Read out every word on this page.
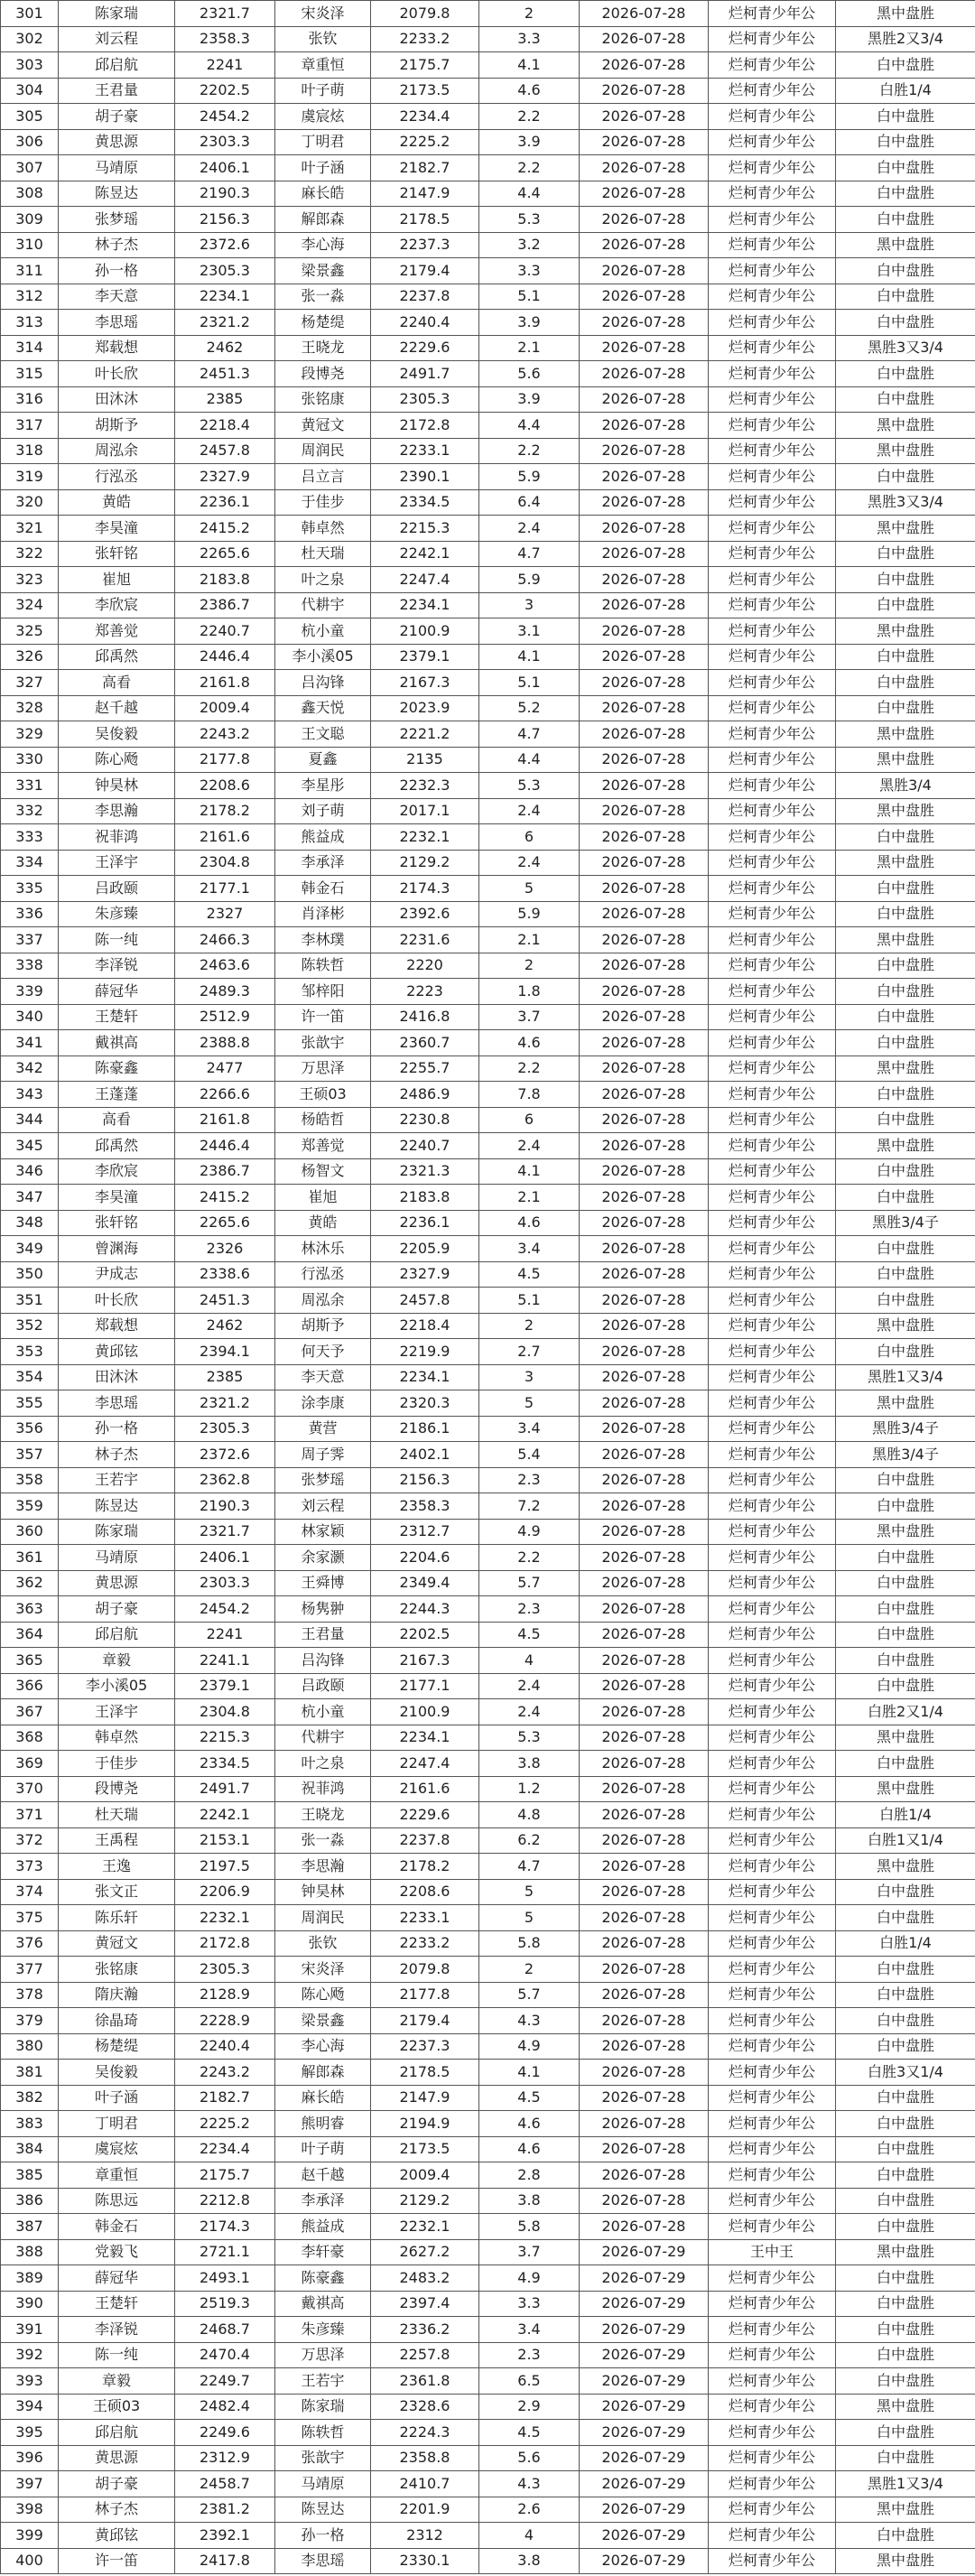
301	陈家瑞	2321.7	宋炎泽	2079.8	2	2026-07-28	烂柯青少年公	黑中盘胜
302	刘云程	2358.3	张钦	2233.2	3.3	2026-07-28	烂柯青少年公	黑胜2又3/4
303	邱启航	2241	章重恒	2175.7	4.1	2026-07-28	烂柯青少年公	白中盘胜
304	王君量	2202.5	叶子萌	2173.5	4.6	2026-07-28	烂柯青少年公	白胜1/4
305	胡子豪	2454.2	虞宸炫	2234.4	2.2	2026-07-28	烂柯青少年公	白中盘胜
306	黄思源	2303.3	丁明君	2225.2	3.9	2026-07-28	烂柯青少年公	白中盘胜
307	马靖原	2406.1	叶子涵	2182.7	2.2	2026-07-28	烂柯青少年公	白中盘胜
308	陈昱达	2190.3	麻长皓	2147.9	4.4	2026-07-28	烂柯青少年公	白中盘胜
309	张梦瑶	2156.3	解郎森	2178.5	5.3	2026-07-28	烂柯青少年公	白中盘胜
310	林子杰	2372.6	李心海	2237.3	3.2	2026-07-28	烂柯青少年公	黑中盘胜
311	孙一格	2305.3	梁景鑫	2179.4	3.3	2026-07-28	烂柯青少年公	白中盘胜
312	李天意	2234.1	张一淼	2237.8	5.1	2026-07-28	烂柯青少年公	白中盘胜
313	李思瑶	2321.2	杨楚缇	2240.4	3.9	2026-07-28	烂柯青少年公	白中盘胜
314	郑载想	2462	王晓龙	2229.6	2.1	2026-07-28	烂柯青少年公	黑胜3又3/4
315	叶长欣	2451.3	段博尧	2491.7	5.6	2026-07-28	烂柯青少年公	白中盘胜
316	田沐沐	2385	张铭康	2305.3	3.9	2026-07-28	烂柯青少年公	白中盘胜
317	胡斯予	2218.4	黄冠文	2172.8	4.4	2026-07-28	烂柯青少年公	黑中盘胜
318	周泓余	2457.8	周润民	2233.1	2.2	2026-07-28	烂柯青少年公	黑中盘胜
319	行泓丞	2327.9	吕立言	2390.1	5.9	2026-07-28	烂柯青少年公	白中盘胜
320	黄皓	2236.1	于佳步	2334.5	6.4	2026-07-28	烂柯青少年公	黑胜3又3/4
321	李昊潼	2415.2	韩卓然	2215.3	2.4	2026-07-28	烂柯青少年公	黑中盘胜
322	张轩铭	2265.6	杜天瑞	2242.1	4.7	2026-07-28	烂柯青少年公	白中盘胜
323	崔旭	2183.8	叶之泉	2247.4	5.9	2026-07-28	烂柯青少年公	白中盘胜
324	李欣宸	2386.7	代耕宇	2234.1	3	2026-07-28	烂柯青少年公	白中盘胜
325	郑善觉	2240.7	杭小童	2100.9	3.1	2026-07-28	烂柯青少年公	黑中盘胜
326	邱禹然	2446.4	李小溪05	2379.1	4.1	2026-07-28	烂柯青少年公	白中盘胜
327	高看	2161.8	吕沟锋	2167.3	5.1	2026-07-28	烂柯青少年公	白中盘胜
328	赵千越	2009.4	鑫天悦	2023.9	5.2	2026-07-28	烂柯青少年公	白中盘胜
329	吴俊毅	2243.2	王文聪	2221.2	4.7	2026-07-28	烂柯青少年公	黑中盘胜
330	陈心飏	2177.8	夏鑫	2135	4.4	2026-07-28	烂柯青少年公	黑中盘胜
331	钟昊林	2208.6	李星彤	2232.3	5.3	2026-07-28	烂柯青少年公	黑胜3/4
332	李思瀚	2178.2	刘子萌	2017.1	2.4	2026-07-28	烂柯青少年公	黑中盘胜
333	祝菲鸿	2161.6	熊益成	2232.1	6	2026-07-28	烂柯青少年公	白中盘胜
334	王泽宇	2304.8	李承泽	2129.2	2.4	2026-07-28	烂柯青少年公	黑中盘胜
335	吕政颐	2177.1	韩金石	2174.3	5	2026-07-28	烂柯青少年公	白中盘胜
336	朱彦臻	2327	肖泽彬	2392.6	5.9	2026-07-28	烂柯青少年公	白中盘胜
337	陈一纯	2466.3	李林璞	2231.6	2.1	2026-07-28	烂柯青少年公	黑中盘胜
338	李泽锐	2463.6	陈轶哲	2220	2	2026-07-28	烂柯青少年公	白中盘胜
339	薛冠华	2489.3	邹梓阳	2223	1.8	2026-07-28	烂柯青少年公	白中盘胜
340	王楚轩	2512.9	许一笛	2416.8	3.7	2026-07-28	烂柯青少年公	白中盘胜
341	戴祺高	2388.8	张歆宇	2360.7	4.6	2026-07-28	烂柯青少年公	白中盘胜
342	陈豪鑫	2477	万思泽	2255.7	2.2	2026-07-28	烂柯青少年公	黑中盘胜
343	王蓬蓬	2266.6	王硕03	2486.9	7.8	2026-07-28	烂柯青少年公	白中盘胜
344	高看	2161.8	杨皓哲	2230.8	6	2026-07-28	烂柯青少年公	白中盘胜
345	邱禹然	2446.4	郑善觉	2240.7	2.4	2026-07-28	烂柯青少年公	黑中盘胜
346	李欣宸	2386.7	杨智文	2321.3	4.1	2026-07-28	烂柯青少年公	白中盘胜
347	李昊潼	2415.2	崔旭	2183.8	2.1	2026-07-28	烂柯青少年公	白中盘胜
348	张轩铭	2265.6	黄皓	2236.1	4.6	2026-07-28	烂柯青少年公	黑胜3/4子
349	曾渊海	2326	林沐乐	2205.9	3.4	2026-07-28	烂柯青少年公	白中盘胜
350	尹成志	2338.6	行泓丞	2327.9	4.5	2026-07-28	烂柯青少年公	白中盘胜
351	叶长欣	2451.3	周泓余	2457.8	5.1	2026-07-28	烂柯青少年公	白中盘胜
352	郑载想	2462	胡斯予	2218.4	2	2026-07-28	烂柯青少年公	黑中盘胜
353	黄邱铉	2394.1	何天予	2219.9	2.7	2026-07-28	烂柯青少年公	白中盘胜
354	田沐沐	2385	李天意	2234.1	3	2026-07-28	烂柯青少年公	黑胜1又3/4
355	李思瑶	2321.2	涂李康	2320.3	5	2026-07-28	烂柯青少年公	黑中盘胜
356	孙一格	2305.3	黄营	2186.1	3.4	2026-07-28	烂柯青少年公	黑胜3/4子
357	林子杰	2372.6	周子霁	2402.1	5.4	2026-07-28	烂柯青少年公	黑胜3/4子
358	王若宇	2362.8	张梦瑶	2156.3	2.3	2026-07-28	烂柯青少年公	白中盘胜
359	陈昱达	2190.3	刘云程	2358.3	7.2	2026-07-28	烂柯青少年公	白中盘胜
360	陈家瑞	2321.7	林家颖	2312.7	4.9	2026-07-28	烂柯青少年公	黑中盘胜
361	马靖原	2406.1	余家灏	2204.6	2.2	2026-07-28	烂柯青少年公	白中盘胜
362	黄思源	2303.3	王舜博	2349.4	5.7	2026-07-28	烂柯青少年公	白中盘胜
363	胡子豪	2454.2	杨隽翀	2244.3	2.3	2026-07-28	烂柯青少年公	白中盘胜
364	邱启航	2241	王君量	2202.5	4.5	2026-07-28	烂柯青少年公	白中盘胜
365	章毅	2241.1	吕沟锋	2167.3	4	2026-07-28	烂柯青少年公	白中盘胜
366	李小溪05	2379.1	吕政颐	2177.1	2.4	2026-07-28	烂柯青少年公	白中盘胜
367	王泽宇	2304.8	杭小童	2100.9	2.4	2026-07-28	烂柯青少年公	白胜2又1/4
368	韩卓然	2215.3	代耕宇	2234.1	5.3	2026-07-28	烂柯青少年公	黑中盘胜
369	于佳步	2334.5	叶之泉	2247.4	3.8	2026-07-28	烂柯青少年公	白中盘胜
370	段博尧	2491.7	祝菲鸿	2161.6	1.2	2026-07-28	烂柯青少年公	黑中盘胜
371	杜天瑞	2242.1	王晓龙	2229.6	4.8	2026-07-28	烂柯青少年公	白胜1/4
372	王禹程	2153.1	张一淼	2237.8	6.2	2026-07-28	烂柯青少年公	白胜1又1/4
373	王逸	2197.5	李思瀚	2178.2	4.7	2026-07-28	烂柯青少年公	黑中盘胜
374	张文正	2206.9	钟昊林	2208.6	5	2026-07-28	烂柯青少年公	白中盘胜
375	陈乐轩	2232.1	周润民	2233.1	5	2026-07-28	烂柯青少年公	白中盘胜
376	黄冠文	2172.8	张钦	2233.2	5.8	2026-07-28	烂柯青少年公	白胜1/4
377	张铭康	2305.3	宋炎泽	2079.8	2	2026-07-28	烂柯青少年公	白中盘胜
378	隋庆瀚	2128.9	陈心飏	2177.8	5.7	2026-07-28	烂柯青少年公	白中盘胜
379	徐晶琦	2228.9	梁景鑫	2179.4	4.3	2026-07-28	烂柯青少年公	白中盘胜
380	杨楚缇	2240.4	李心海	2237.3	4.9	2026-07-28	烂柯青少年公	白中盘胜
381	吴俊毅	2243.2	解郎森	2178.5	4.1	2026-07-28	烂柯青少年公	白胜3又1/4
382	叶子涵	2182.7	麻长皓	2147.9	4.5	2026-07-28	烂柯青少年公	白中盘胜
383	丁明君	2225.2	熊明睿	2194.9	4.6	2026-07-28	烂柯青少年公	白中盘胜
384	虞宸炫	2234.4	叶子萌	2173.5	4.6	2026-07-28	烂柯青少年公	白中盘胜
385	章重恒	2175.7	赵千越	2009.4	2.8	2026-07-28	烂柯青少年公	白中盘胜
386	陈思远	2212.8	李承泽	2129.2	3.8	2026-07-28	烂柯青少年公	白中盘胜
387	韩金石	2174.3	熊益成	2232.1	5.8	2026-07-28	烂柯青少年公	白中盘胜
388	党毅飞	2721.1	李轩豪	2627.2	3.7	2026-07-29	王中王	黑中盘胜
389	薛冠华	2493.1	陈豪鑫	2483.2	4.9	2026-07-29	烂柯青少年公	白中盘胜
390	王楚轩	2519.3	戴祺高	2397.4	3.3	2026-07-29	烂柯青少年公	白中盘胜
391	李泽锐	2468.7	朱彦臻	2336.2	3.4	2026-07-29	烂柯青少年公	白中盘胜
392	陈一纯	2470.4	万思泽	2257.8	2.3	2026-07-29	烂柯青少年公	白中盘胜
393	章毅	2249.7	王若宇	2361.8	6.5	2026-07-29	烂柯青少年公	白中盘胜
394	王硕03	2482.4	陈家瑞	2328.6	2.9	2026-07-29	烂柯青少年公	黑中盘胜
395	邱启航	2249.6	陈轶哲	2224.3	4.5	2026-07-29	烂柯青少年公	白中盘胜
396	黄思源	2312.9	张歆宇	2358.8	5.6	2026-07-29	烂柯青少年公	白中盘胜
397	胡子豪	2458.7	马靖原	2410.7	4.3	2026-07-29	烂柯青少年公	黑胜1又3/4
398	林子杰	2381.2	陈昱达	2201.9	2.6	2026-07-29	烂柯青少年公	黑中盘胜
399	黄邱铉	2392.1	孙一格	2312	4	2026-07-29	烂柯青少年公	白中盘胜
400	许一笛	2417.8	李思瑶	2330.1	3.8	2026-07-29	烂柯青少年公	黑中盘胜
